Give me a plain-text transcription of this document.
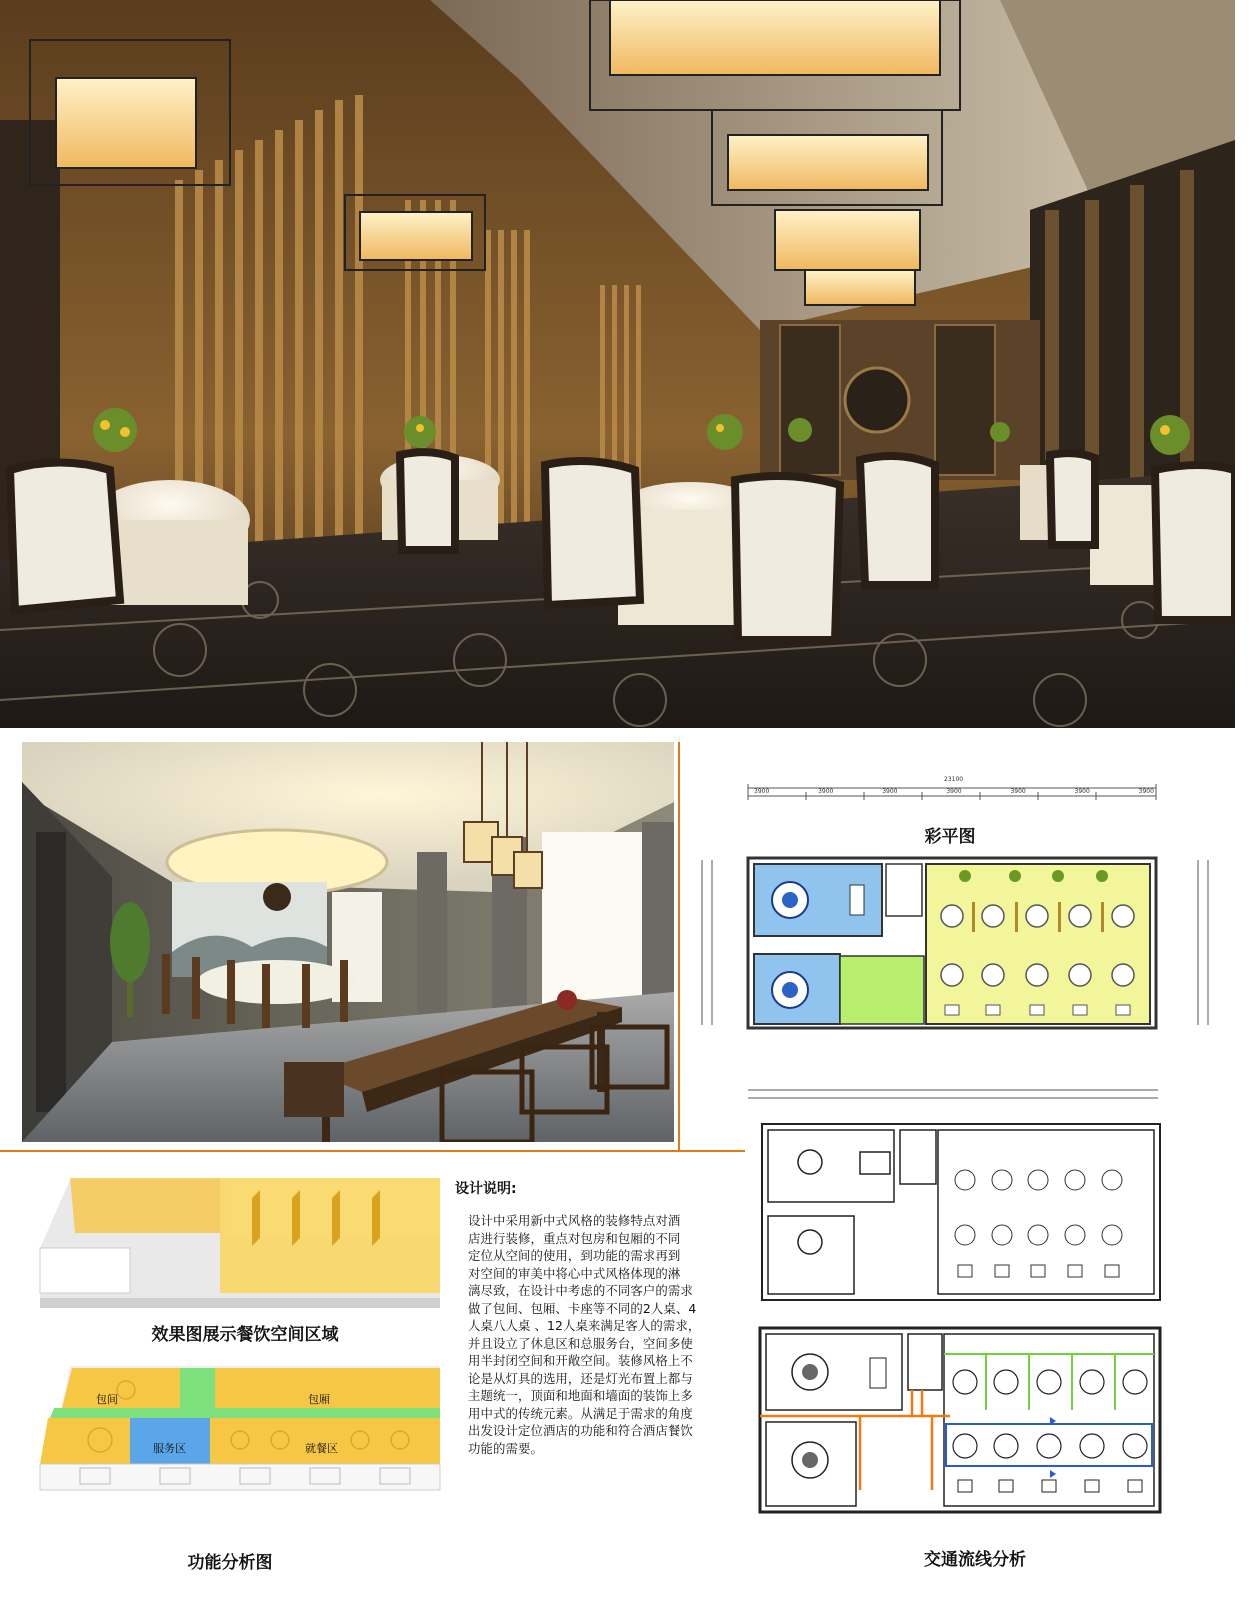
23100
3900	3900	3900	3900	3900	3900	3900
彩平图
交通流线分析
效果图展示餐饮空间区域
包间	包厢
服务区	就餐区
功能分析图
设计说明:
设计中采用新中式风格的装修特点对酒
店进行装修，重点对包房和包厢的不同
定位从空间的使用，到功能的需求再到
对空间的审美中将心中式风格体现的淋
漓尽致，在设计中考虑的不同客户的需求
做了包间、包厢、卡座等不同的2人桌、4
人桌八人桌 、12人桌来满足客人的需求，
并且设立了休息区和总服务台，空间多使
用半封闭空间和开敞空间。装修风格上不
论是从灯具的选用，还是灯光布置上都与
主题统一，顶面和地面和墙面的装饰上多
用中式的传统元素。从满足于需求的角度
出发设计定位酒店的功能和符合酒店餐饮
功能的需要。
